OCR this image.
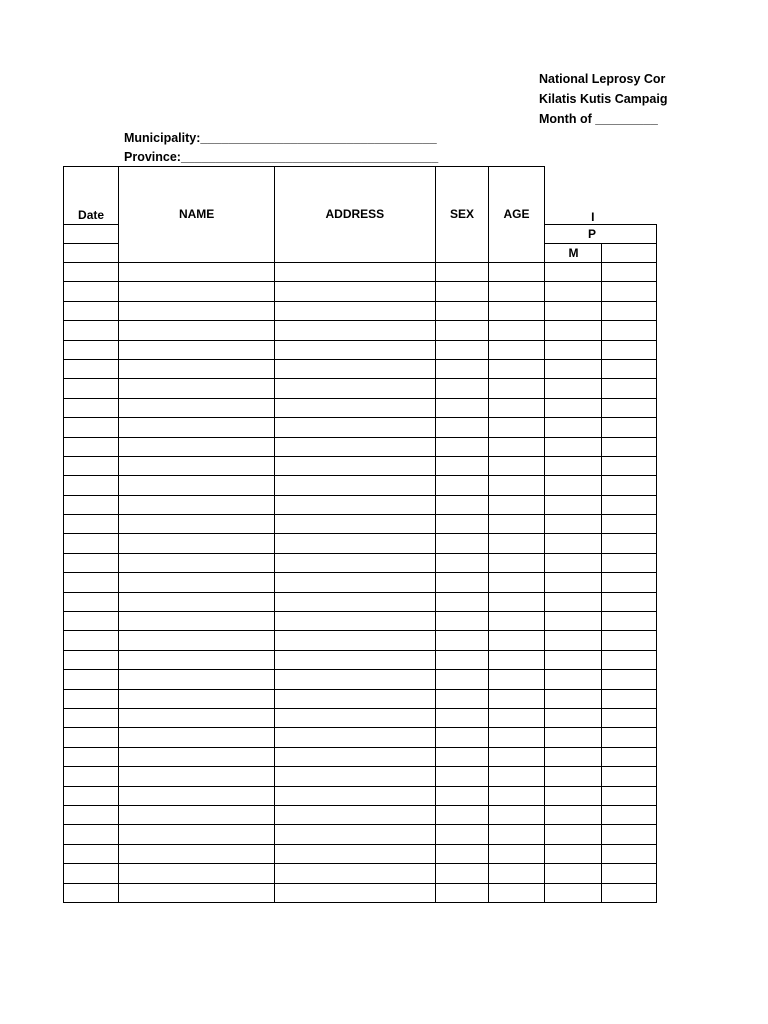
National Leprosy Cor
Kilatis Kutis Campaig
Month of _________
Municipality:__________________________________
Province:_____________________________________
Date	NAME	ADDRESS	SEX	AGE	I	
					P	
					M	
